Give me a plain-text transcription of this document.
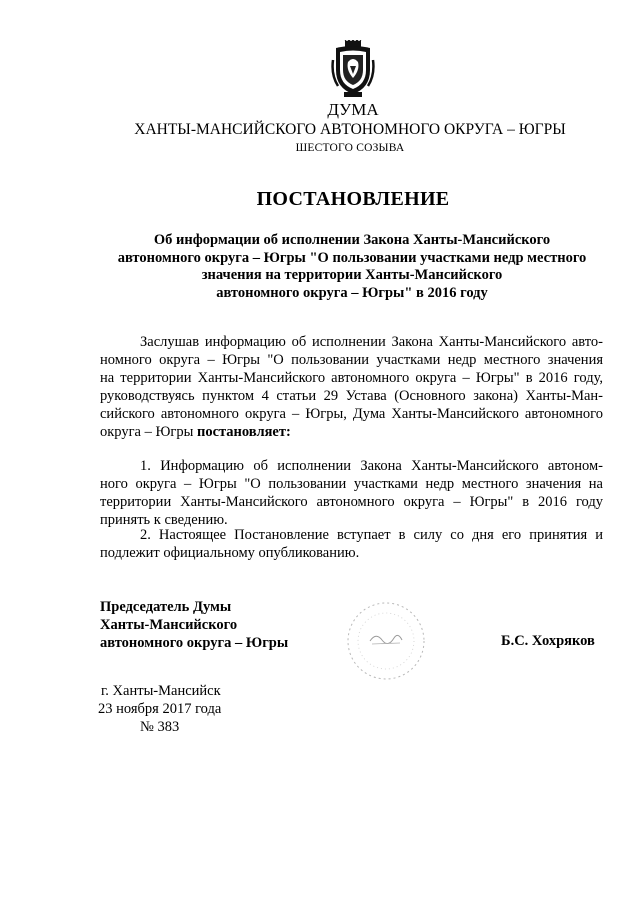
ДУМА
ХАНТЫ-МАНСИЙСКОГО АВТОНОМНОГО ОКРУГА – ЮГРЫ
ШЕСТОГО СОЗЫВА
ПОСТАНОВЛЕНИЕ
Об информации об исполнении Закона Ханты-Мансийского
автономного округа – Югры "О пользовании участками недр местного
значения на территории Ханты-Мансийского
автономного округа – Югры" в 2016 году
Заслушав информацию об исполнении Закона Ханты-Мансийского авто-
номного округа – Югры "О пользовании участками недр местного значения
на территории Ханты-Мансийского автономного округа – Югры" в 2016 году,
руководствуясь пунктом 4 статьи 29 Устава (Основного закона) Ханты-Ман-
сийского автономного округа – Югры, Дума Ханты-Мансийского автономного
округа – Югры постановляет:
1. Информацию об исполнении Закона Ханты-Мансийского автоном-
ного округа – Югры "О пользовании участками недр местного значения на
территории Ханты-Мансийского автономного округа – Югры" в 2016 году
принять к сведению.
2. Настоящее Постановление вступает в силу со дня его принятия и
подлежит официальному опубликованию.
Председатель Думы
Ханты-Мансийского
автономного округа – Югры	Б.С. Хохряков
г. Ханты-Мансийск
23 ноября 2017 года
№ 383
